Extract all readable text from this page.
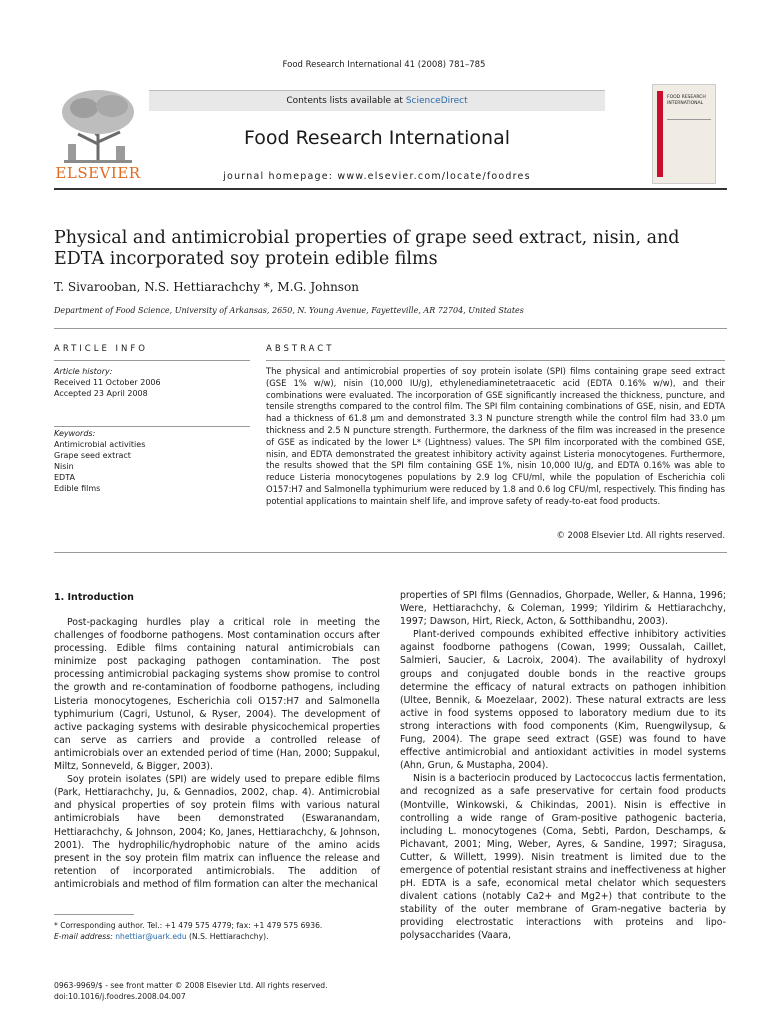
Food Research International 41 (2008) 781–785
ELSEVIER
Contents lists available at ScienceDirect
Food Research International
journal homepage: www.elsevier.com/locate/foodres
FOOD RESEARCH INTERNATIONAL
Physical and antimicrobial properties of grape seed extract, nisin, and EDTA incorporated soy protein edible films
T. Sivarooban, N.S. Hettiarachchy *, M.G. Johnson
Department of Food Science, University of Arkansas, 2650, N. Young Avenue, Fayetteville, AR 72704, United States
ARTICLE INFO
Article history:
Received 11 October 2006
Accepted 23 April 2008
Keywords:
Antimicrobial activities
Grape seed extract
Nisin
EDTA
Edible films
ABSTRACT
The physical and antimicrobial properties of soy protein isolate (SPI) films containing grape seed extract (GSE 1% w/w), nisin (10,000 IU/g), ethylenediaminetetraacetic acid (EDTA 0.16% w/w), and their combinations were evaluated. The incorporation of GSE significantly increased the thickness, puncture, and tensile strengths compared to the control film. The SPI film containing combinations of GSE, nisin, and EDTA had a thickness of 61.8 μm and demonstrated 3.3 N puncture strength while the control film had 33.0 μm thickness and 2.5 N puncture strength. Furthermore, the darkness of the film was increased in the presence of GSE as indicated by the lower L* (Lightness) values. The SPI film incorporated with the combined GSE, nisin, and EDTA demonstrated the greatest inhibitory activity against Listeria monocytogenes. Furthermore, the results showed that the SPI film containing GSE 1%, nisin 10,000 IU/g, and EDTA 0.16% was able to reduce Listeria monocytogenes populations by 2.9 log CFU/ml, while the population of Escherichia coli O157:H7 and Salmonella typhimurium were reduced by 1.8 and 0.6 log CFU/ml, respectively. This finding has potential applications to maintain shelf life, and improve safety of ready-to-eat food products.
© 2008 Elsevier Ltd. All rights reserved.
1. Introduction

Post-packaging hurdles play a critical role in meeting the challenges of foodborne pathogens. Most contamination occurs after processing. Edible films containing natural antimicrobials can minimize post packaging pathogen contamination. The post processing antimicrobial packaging systems show promise to control the growth and re-contamination of foodborne pathogens, including Listeria monocytogenes, Escherichia coli O157:H7 and Salmonella typhimurium (Cagri, Ustunol, & Ryser, 2004). The development of active packaging systems with desirable physicochemical properties can serve as carriers and provide a controlled release of antimicrobials over an extended period of time (Han, 2000; Suppakul, Miltz, Sonneveld, & Bigger, 2003).

Soy protein isolates (SPI) are widely used to prepare edible films (Park, Hettiarachchy, Ju, & Gennadios, 2002, chap. 4). Antimicrobial and physical properties of soy protein films with various natural antimicrobials have been demonstrated (Eswaranandam, Hettiarachchy, & Johnson, 2004; Ko, Janes, Hettiarachchy, & Johnson, 2001). The hydrophilic/hydrophobic nature of the amino acids present in the soy protein film matrix can influence the release and retention of incorporated antimicrobials. The addition of antimicrobials and method of film formation can alter the mechanical

properties of SPI films (Gennadios, Ghorpade, Weller, & Hanna, 1996; Were, Hettiarachchy, & Coleman, 1999; Yildirim & Hettiarachchy, 1997; Dawson, Hirt, Rieck, Acton, & Sotthibandhu, 2003).

Plant-derived compounds exhibited effective inhibitory activities against foodborne pathogens (Cowan, 1999; Oussalah, Caillet, Salmieri, Saucier, & Lacroix, 2004). The availability of hydroxyl groups and conjugated double bonds in the reactive groups determine the efficacy of natural extracts on pathogen inhibition (Ultee, Bennik, & Moezelaar, 2002). These natural extracts are less active in food systems opposed to laboratory medium due to its strong interactions with food components (Kim, Ruengwilysup, & Fung, 2004). The grape seed extract (GSE) was found to have effective antimicrobial and antioxidant activities in model systems (Ahn, Grun, & Mustapha, 2004).

Nisin is a bacteriocin produced by Lactococcus lactis fermentation, and recognized as a safe preservative for certain food products (Montville, Winkowski, & Chikindas, 2001). Nisin is effective in controlling a wide range of Gram-positive pathogenic bacteria, including L. monocytogenes (Coma, Sebti, Pardon, Deschamps, & Pichavant, 2001; Ming, Weber, Ayres, & Sandine, 1997; Siragusa, Cutter, & Willett, 1999). Nisin treatment is limited due to the emergence of potential resistant strains and ineffectiveness at higher pH. EDTA is a safe, economical metal chelator which sequesters divalent cations (notably Ca2+ and Mg2+) that contribute to the stability of the outer membrane of Gram-negative bacteria by providing electrostatic interactions with proteins and lipo-polysaccharides (Vaara,

* Corresponding author. Tel.: +1 479 575 4779; fax: +1 479 575 6936.
E-mail address: nhettiar@uark.edu (N.S. Hettiarachchy).
0963-9969/$ - see front matter © 2008 Elsevier Ltd. All rights reserved.
doi:10.1016/j.foodres.2008.04.007
